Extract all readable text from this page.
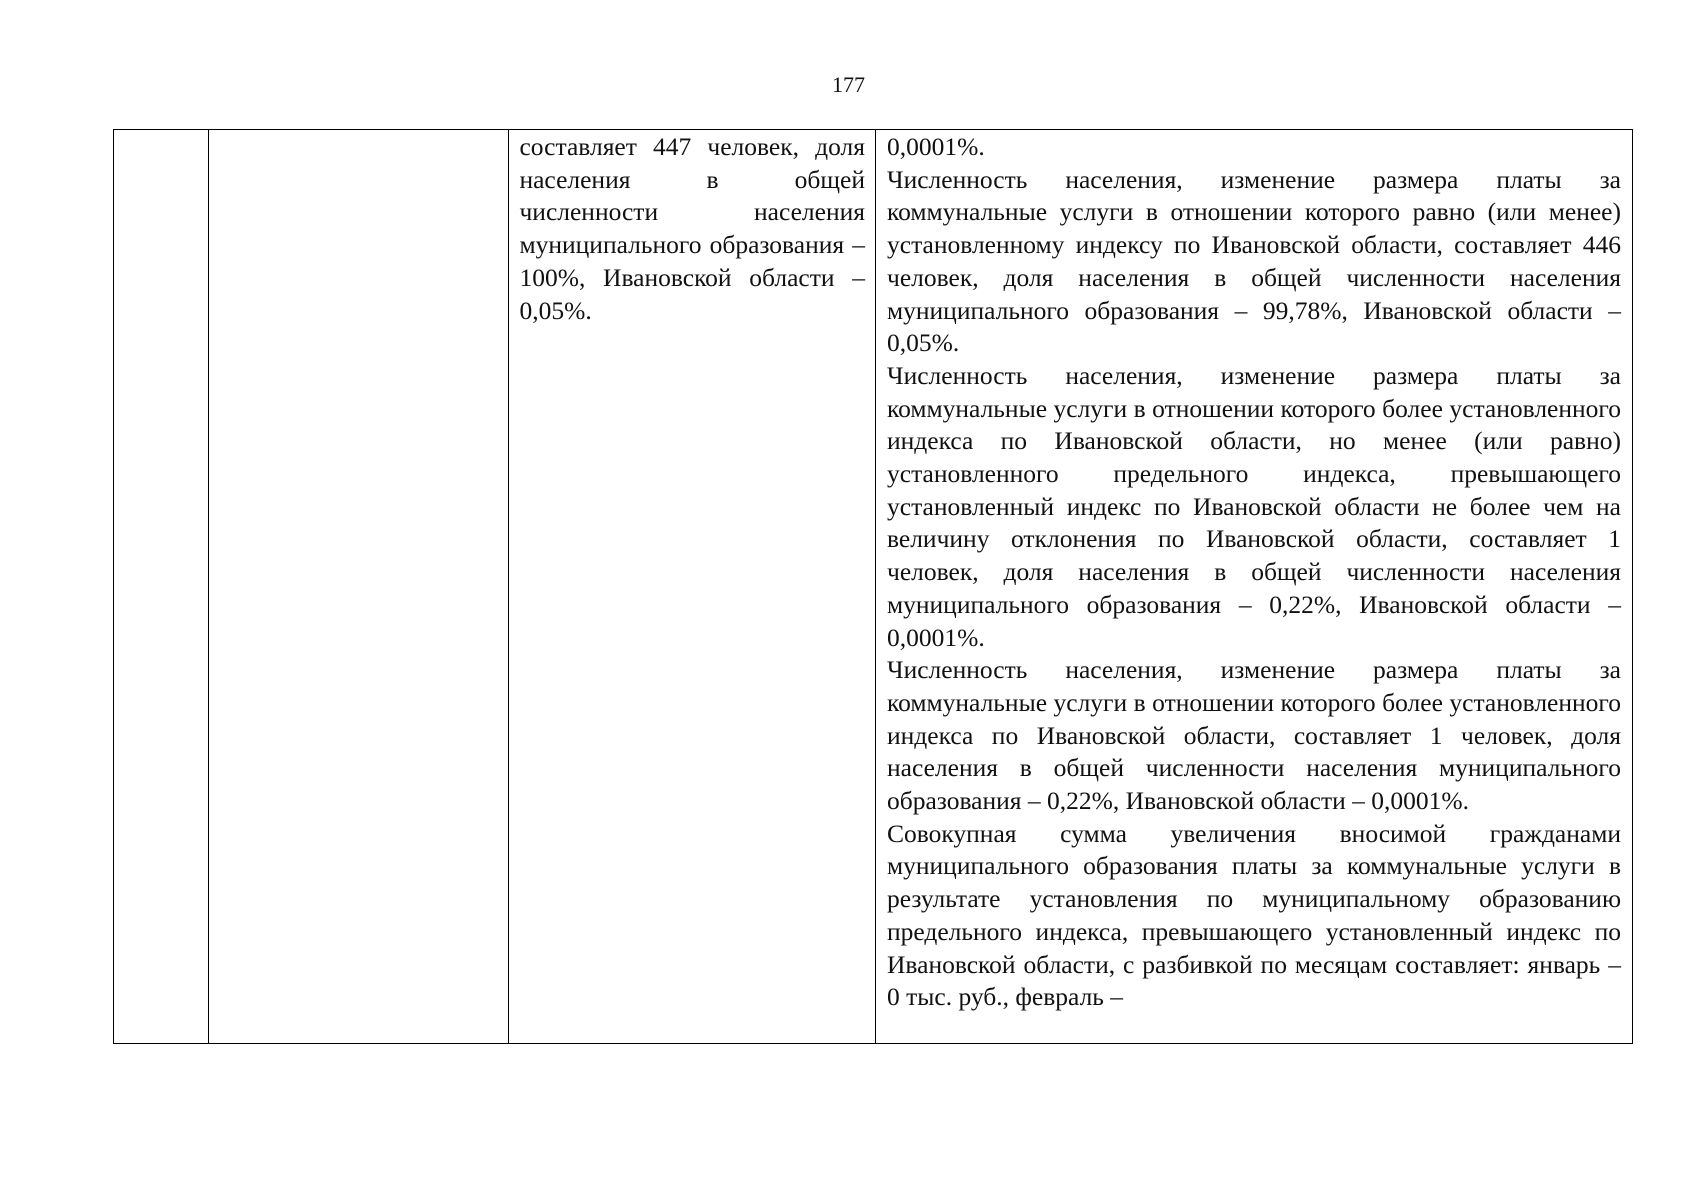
177

составляет 447 человек, доля населения в общей численности населения муниципального образования – 100%, Ивановской области – 0,05%.

0,0001%.

Численность населения, изменение размера платы за коммунальные услуги в отношении которого равно (или менее) установленному индексу по Ивановской области, составляет 446 человек, доля населения в общей численности населения муниципального образования – 99,78%, Ивановской области – 0,05%.

Численность населения, изменение размера платы за коммунальные услуги в отношении которого более установленного индекса по Ивановской области, но менее (или равно) установленного предельного индекса, превышающего установленный индекс по Ивановской области не более чем на величину отклонения по Ивановской области, составляет 1 человек, доля населения в общей численности населения муниципального образования – 0,22%, Ивановской области – 0,0001%.

Численность населения, изменение размера платы за коммунальные услуги в отношении которого более установленного индекса по Ивановской области, составляет 1 человек, доля населения в общей численности населения муниципального образования – 0,22%, Ивановской области – 0,0001%.

Совокупная сумма увеличения вносимой гражданами муниципального образования платы за коммунальные услуги в результате установления по муниципальному образованию предельного индекса, превышающего установленный индекс по Ивановской области, с разбивкой по месяцам составляет: январь – 0 тыс. руб., февраль –
